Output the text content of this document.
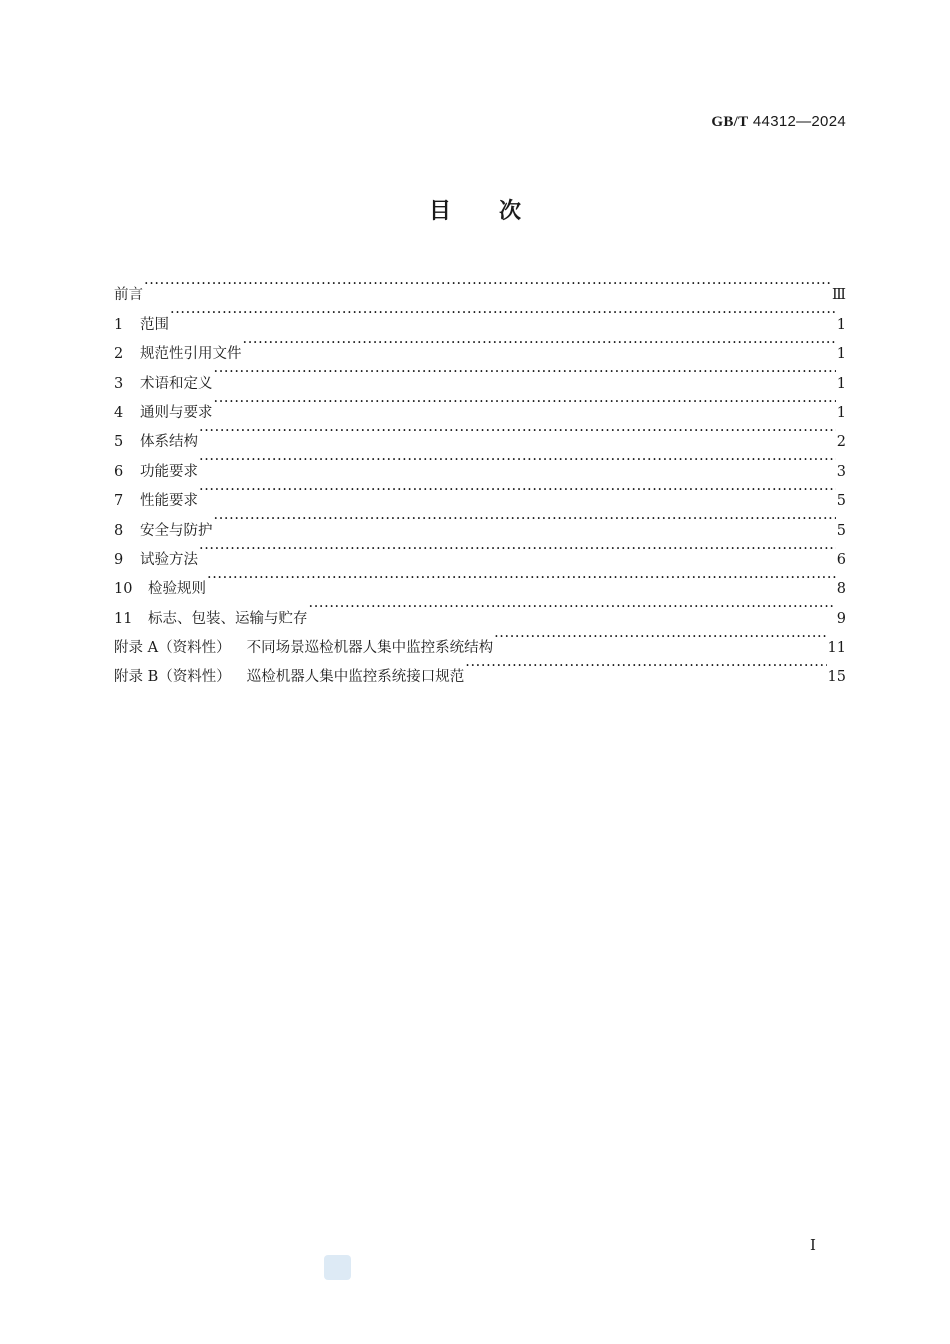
GB/T 44312—2024
目 次
前言 ·····	Ⅲ
1	范围 ·····	1
2	规范性引用文件 ·····	1
3	术语和定义 ·····	1
4	通则与要求 ·····	1
5	体系结构 ·····	2
6	功能要求 ·····	3
7	性能要求 ·····	5
8	安全与防护 ·····	5
9	试验方法 ·····	6
10	检验规则 ·····	8
11	标志、包装、运输与贮存 ·····	9
附录 A（资料性） 不同场景巡检机器人集中监控系统结构 ·····	11
附录 B（资料性） 巡检机器人集中监控系统接口规范 ·····	15
I
